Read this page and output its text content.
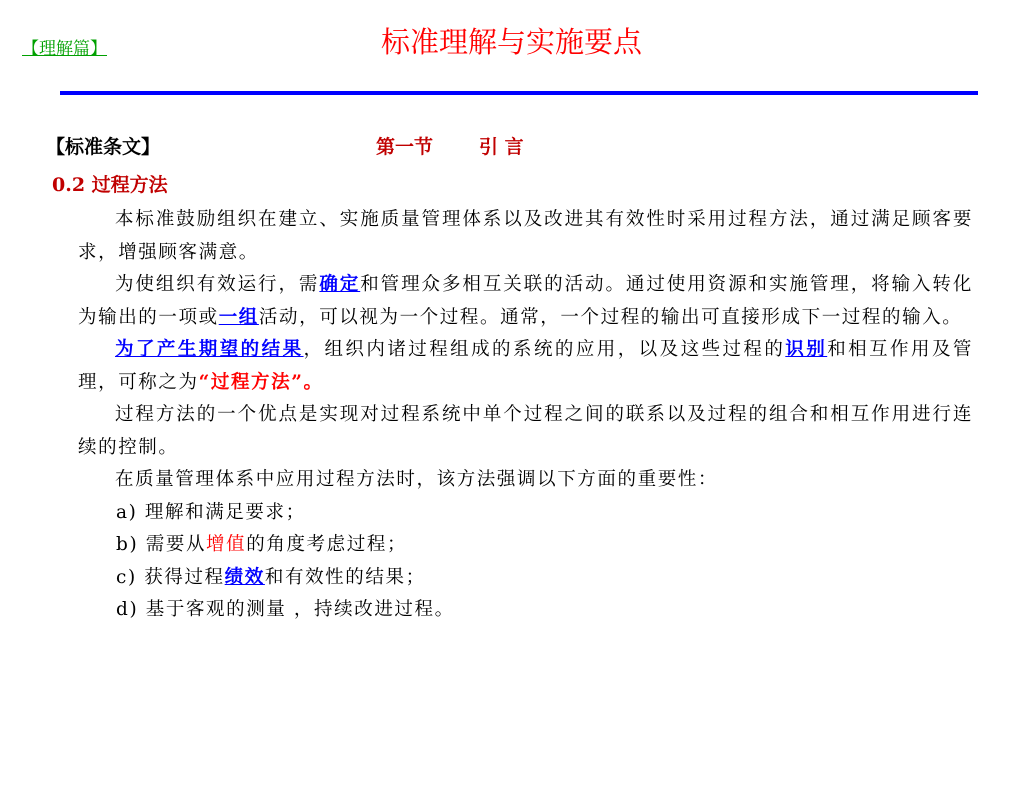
【理解篇】	标准理解与实施要点
【标准条文】	第一节 引 言
0.2 过程方法

本标准鼓励组织在建立、实施质量管理体系以及改进其有效性时采用过程方法，通过满足顾客要求，增强顾客满意。

为使组织有效运行，需确定和管理众多相互关联的活动。通过使用资源和实施管理，将输入转化为输出的一项或一组活动，可以视为一个过程。通常，一个过程的输出可直接形成下一过程的输入。

为了产生期望的结果，组织内诸过程组成的系统的应用，以及这些过程的识别和相互作用及管理，可称之为“过程方法”。

过程方法的一个优点是实现对过程系统中单个过程之间的联系以及过程的组合和相互作用进行连续的控制。

在质量管理体系中应用过程方法时，该方法强调以下方面的重要性：

a) 理解和满足要求；
b) 需要从增值的角度考虑过程；
c) 获得过程绩效和有效性的结果；
d) 基于客观的测量 ，持续改进过程。
